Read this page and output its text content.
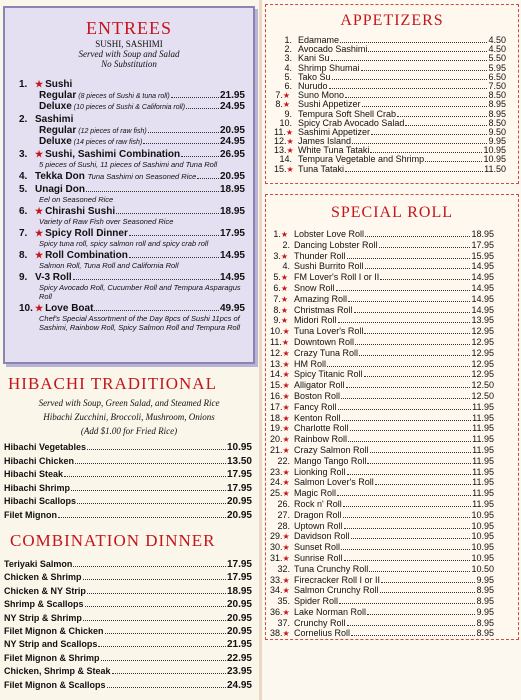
ENTREES
SUSHI, SASHIMI
Served with Soup and Salad
No Substitution
1. ★ Sushi
Regular (8 pieces of Sushi & tuna roll)	21.95
Deluxe (10 pieces of Sushi & California roll)	24.95
2. Sashimi
Regular (12 pieces of raw fish)	20.95
Deluxe (14 pieces of raw fish)	24.95
3. ★ Sushi, Sashimi Combination	26.95
5 pieces of Sushi, 11 pieces of Sashimi and Tuna Roll
4. Tekka Don Tuna Sashimi on Seasoned Rice 20.95
5. Unagi Don	18.95
Eel on Seasoned Rice
6. ★ Chirashi Sushi	18.95
Variety of Raw Fish over Seasoned Rice
7. ★ Spicy Roll Dinner	17.95
Spicy tuna roll, spicy salmon roll and spicy crab roll
8. ★ Roll Combination	14.95
Salmon Roll, Tuna Roll and California Roll
9. V-3 Roll	14.95
Spicy Avocado Roll, Cucumber Roll and Tempura Asparagus Roll
10. ★ Love Boat	49.95
Chef's Special Assortment of the Day 8pcs of Sushi 11pcs of Sashimi, Rainbow Roll, Spicy Salmon Roll and Tempura Roll
HIBACHI TRADITIONAL
Served with Soup, Green Salad, and Steamed Rice
Hibachi Zucchini, Broccoli, Mushroom, Onions
(Add $1.00 for Fried Rice)
Hibachi Vegetables	10.95
Hibachi Chicken	13.50
Hibachi Steak	17.95
Hibachi Shrimp	17.95
Hibachi Scallops	20.95
Filet Mignon	20.95
COMBINATION DINNER
Teriyaki Salmon	17.95
Chicken & Shrimp	17.95
Chicken & NY Strip	18.95
Shrimp & Scallops	20.95
NY Strip & Shrimp	20.95
Filet Mignon & Chicken	20.95
NY Strip and Scallops	21.95
Filet Mignon & Shrimp	22.95
Chicken, Shrimp & Steak	23.95
Filet Mignon & Scallops	24.95
APPETIZERS
1. Edamame	4.50
2. Avocado Sashimi	4.50
3. Kani Su	5.50
4. Shrimp Shumai	5.95
5. Tako Su	6.50
6. Nurudo	7.50
7.★ Suno Mono	8.50
8.★ Sushi Appetizer	8.95
9. Tempura Soft Shell Crab	8.95
10. Spicy Crab Avocado Salad	8.50
11.★ Sashimi Appetizer	9.50
12.★ James Island	9.95
13.★ White Tuna Tataki	10.95
14. Tempura Vegetable and Shrimp	10.95
15.★ Tuna Tataki	11.50
SPECIAL ROLL
1.★ Lobster Love Roll	18.95
2. Dancing Lobster Roll	17.95
3.★ Thunder Roll	15.95
4. Sushi Burrito Roll	14.95
5.★ FM Lover's Roll I or II	14.95
6.★ Snow Roll	14.95
7.★ Amazing Roll	14.95
8.★ Christmas Roll	14.95
9.★ Midori Roll	13.95
10.★ Tuna Lover's Roll	12.95
11.★ Downtown Roll	12.95
12.★ Crazy Tuna Roll	12.95
13.★ HM Roll	12.95
14.★ Spicy Titanic Roll	12.95
15.★ Alligator Roll	12.50
16.★ Boston Roll	12.50
17.★ Fancy Roll	11.95
18.★ Kenton Roll	11.95
19.★ Charlotte Roll	11.95
20.★ Rainbow Roll	11.95
21.★ Crazy Salmon Roll	11.95
22. Mango Tango Roll	11.95
23.★ Lionking Roll	11.95
24.★ Salmon Lover's Roll	11.95
25.★ Magic Roll	11.95
26. Rock n' Roll	11.95
27. Dragon Roll	10.95
28. Uptown Roll	10.95
29.★ Davidson Roll	10.95
30.★ Sunset Roll	10.95
31.★ Sunrise Roll	10.95
32. Tuna Crunchy Roll	10.50
33.★ Firecracker Roll I or II	9.95
34.★ Salmon Crunchy Roll	8.95
35. Spider Roll	8.95
36.★ Lake Norman Roll	9.95
37. Crunchy Roll	8.95
38.★ Cornelius Roll	8.95
